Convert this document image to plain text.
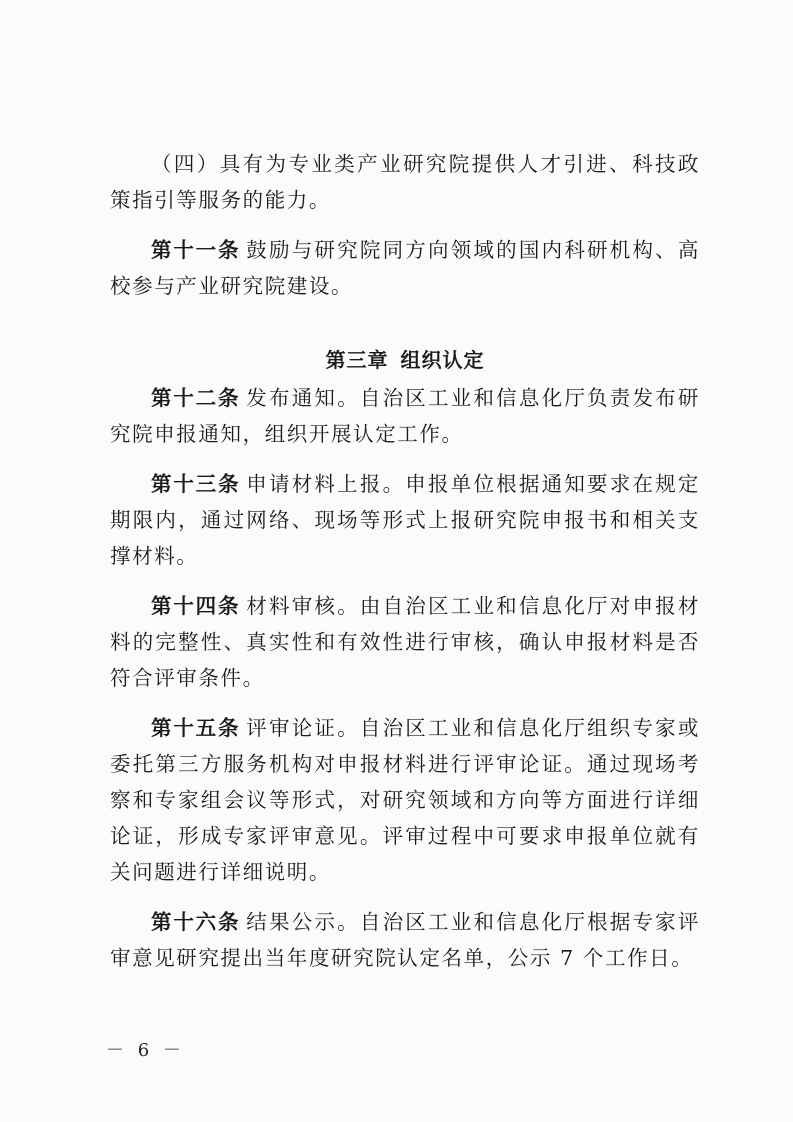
（四）具有为专业类产业研究院提供人才引进、科技政策指引等服务的能力。

第十一条 鼓励与研究院同方向领域的国内科研机构、高校参与产业研究院建设。

第三章 组织认定

第十二条 发布通知。自治区工业和信息化厅负责发布研究院申报通知，组织开展认定工作。

第十三条 申请材料上报。申报单位根据通知要求在规定期限内，通过网络、现场等形式上报研究院申报书和相关支撑材料。

第十四条 材料审核。由自治区工业和信息化厅对申报材料的完整性、真实性和有效性进行审核，确认申报材料是否符合评审条件。

第十五条 评审论证。自治区工业和信息化厅组织专家或委托第三方服务机构对申报材料进行评审论证。通过现场考察和专家组会议等形式，对研究领域和方向等方面进行详细论证，形成专家评审意见。评审过程中可要求申报单位就有关问题进行详细说明。

第十六条 结果公示。自治区工业和信息化厅根据专家评审意见研究提出当年度研究院认定名单，公示 7 个工作日。

－ 6 －
